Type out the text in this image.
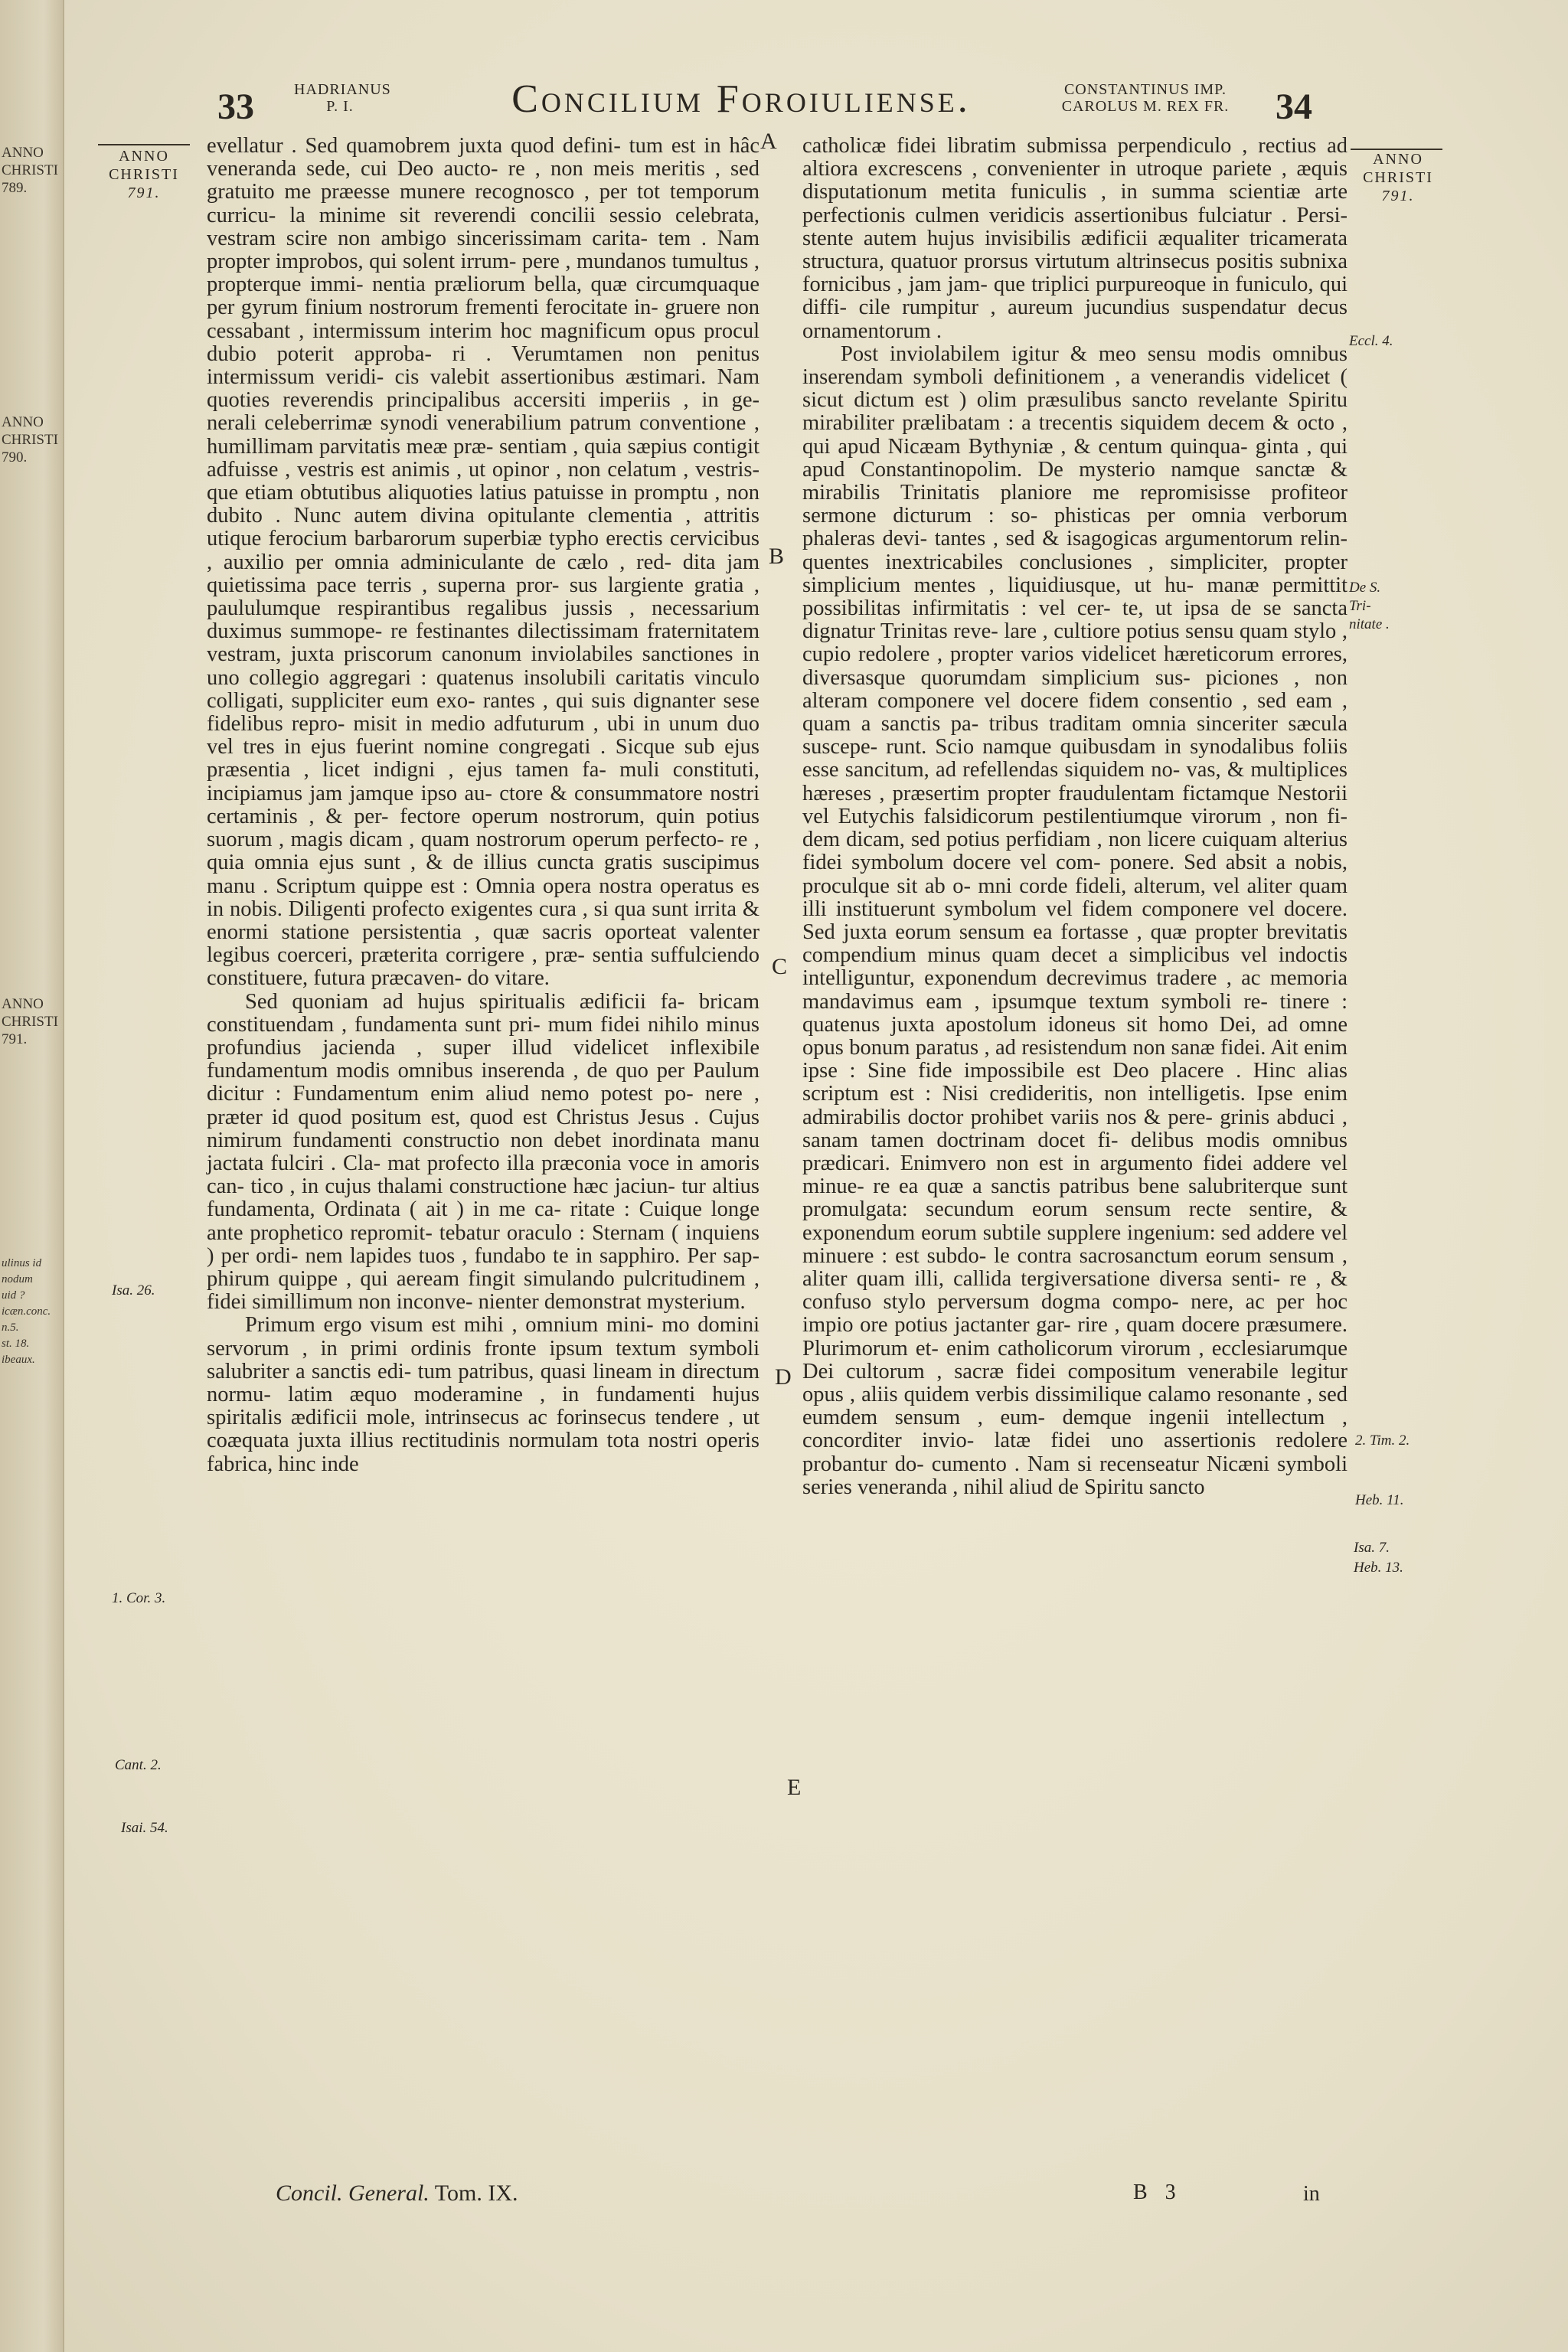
ANNO
CHRISTI
789.
ANNO
CHRISTI
790.
ANNO
CHRISTI
791.
ulinus id
nodum
uid ?
icæn.conc.
n.5.
st. 18.
ibeaux.
33	HADRIANUS
P. I.	Concilium Foroiuliense.	CONSTANTINUS IMP.
CAROLUS M. REX FR.	34
ANNO
CHRISTI
791.
ANNO
CHRISTI
791.

evellatur . Sed quamobrem juxta quod defini- tum est in hâc veneranda sede, cui Deo aucto- re , non meis meritis , sed gratuito me præesse munere recognosco , per tot temporum curricu- la minime sit reverendi concilii sessio celebrata, vestram scire non ambigo sincerissimam carita- tem . Nam propter improbos, qui solent irrum- pere , mundanos tumultus , propterque immi- nentia præliorum bella, quæ circumquaque per gyrum finium nostrorum frementi ferocitate in- gruere non cessabant , intermissum interim hoc magnificum opus procul dubio poterit approba- ri . Verumtamen non penitus intermissum veridi- cis valebit assertionibus æstimari. Nam quoties reverendis principalibus accersiti imperiis , in ge- nerali celeberrimæ synodi venerabilium patrum conventione , humillimam parvitatis meæ præ- sentiam , quia sæpius contigit adfuisse , vestris est animis , ut opinor , non celatum , vestris- que etiam obtutibus aliquoties latius patuisse in promptu , non dubito . Nunc autem divina opitulante clementia , attritis utique ferocium barbarorum superbiæ typho erectis cervicibus , auxilio per omnia adminiculante de cælo , red- dita jam quietissima pace terris , superna pror- sus largiente gratia , paululumque respirantibus regalibus jussis , necessarium duximus summope- re festinantes dilectissimam fraternitatem vestram, juxta priscorum canonum inviolabiles sanctiones in uno collegio aggregari : quatenus insolubili caritatis vinculo colligati, suppliciter eum exo- rantes , qui suis dignanter sese fidelibus repro- misit in medio adfuturum , ubi in unum duo vel tres in ejus fuerint nomine congregati . Sicque sub ejus præsentia , licet indigni , ejus tamen fa- muli constituti, incipiamus jam jamque ipso au- ctore & consummatore nostri certaminis , & per- fectore operum nostrorum, quin potius suorum , magis dicam , quam nostrorum operum perfecto- re , quia omnia ejus sunt , & de illius cuncta gratis suscipimus manu . Scriptum quippe est : Omnia opera nostra operatus es in nobis. Diligenti profecto exigentes cura , si qua sunt irrita & enormi statione persistentia , quæ sacris oporteat valenter legibus coerceri, præterita corrigere , præ- sentia suffulciendo constituere, futura præcaven- do vitare.

Sed quoniam ad hujus spiritualis ædificii fa- bricam constituendam , fundamenta sunt pri- mum fidei nihilo minus profundius jacienda , super illud videlicet inflexibile fundamentum modis omnibus inserenda , de quo per Paulum dicitur : Fundamentum enim aliud nemo potest po- nere , præter id quod positum est, quod est Christus Jesus . Cujus nimirum fundamenti constructio non debet inordinata manu jactata fulciri . Cla- mat profecto illa præconia voce in amoris can- tico , in cujus thalami constructione hæc jaciun- tur altius fundamenta, Ordinata ( ait ) in me ca- ritate : Cuique longe ante prophetico repromit- tebatur oraculo : Sternam ( inquiens ) per ordi- nem lapides tuos , fundabo te in sapphiro. Per sap- phirum quippe , qui aeream fingit simulando pulcritudinem , fidei simillimum non inconve- nienter demonstrat mysterium.

Primum ergo visum est mihi , omnium mini- mo domini servorum , in primi ordinis fronte ipsum textum symboli salubriter a sanctis edi- tum patribus, quasi lineam in directum normu- latim æquo moderamine , in fundamenti hujus spiritalis ædificii mole, intrinsecus ac forinsecus tendere , ut coæquata juxta illius rectitudinis normulam tota nostri operis fabrica, hinc inde

A
B
C
D
E

catholicæ fidei libratim submissa perpendiculo , rectius ad altiora excrescens , convenienter in utroque pariete , æquis disputationum metita funiculis , in summa scientiæ arte perfectionis culmen veridicis assertionibus fulciatur . Persi- stente autem hujus invisibilis ædificii æqualiter tricamerata structura, quatuor prorsus virtutum altrinsecus positis subnixa fornicibus , jam jam- que triplici purpureoque in funiculo, qui diffi- cile rumpitur , aureum jucundius suspendatur decus ornamentorum .

Post inviolabilem igitur & meo sensu modis omnibus inserendam symboli definitionem , a venerandis videlicet ( sicut dictum est ) olim præsulibus sancto revelante Spiritu mirabiliter prælibatam : a trecentis siquidem decem & octo , qui apud Nicæam Bythyniæ , & centum quinqua- ginta , qui apud Constantinopolim. De mysterio namque sanctæ & mirabilis Trinitatis planiore me repromisisse profiteor sermone dicturum : so- phisticas per omnia verborum phaleras devi- tantes , sed & isagogicas argumentorum relin- quentes inextricabiles conclusiones , simpliciter, propter simplicium mentes , liquidiusque, ut hu- manæ permittit possibilitas infirmitatis : vel cer- te, ut ipsa de se sancta dignatur Trinitas reve- lare , cultiore potius sensu quam stylo , cupio redolere , propter varios videlicet hæreticorum errores, diversasque quorumdam simplicium sus- piciones , non alteram componere vel docere fidem consentio , sed eam , quam a sanctis pa- tribus traditam omnia sinceriter sæcula suscepe- runt. Scio namque quibusdam in synodalibus foliis esse sancitum, ad refellendas siquidem no- vas, & multiplices hæreses , præsertim propter fraudulentam fictamque Nestorii vel Eutychis falsidicorum pestilentiumque virorum , non fi- dem dicam, sed potius perfidiam , non licere cuiquam alterius fidei symbolum docere vel com- ponere. Sed absit a nobis, proculque sit ab o- mni corde fideli, alterum, vel aliter quam illi instituerunt symbolum vel fidem componere vel docere. Sed juxta eorum sensum ea fortasse , quæ propter brevitatis compendium minus quam decet a simplicibus vel indoctis intelliguntur, exponendum decrevimus tradere , ac memoria mandavimus eam , ipsumque textum symboli re- tinere : quatenus juxta apostolum idoneus sit homo Dei, ad omne opus bonum paratus , ad resistendum non sanæ fidei. Ait enim ipse : Sine fide impossibile est Deo placere . Hinc alias scriptum est : Nisi credideritis, non intelligetis. Ipse enim admirabilis doctor prohibet variis nos & pere- grinis abduci , sanam tamen doctrinam docet fi- delibus modis omnibus prædicari. Enimvero non est in argumento fidei addere vel minue- re ea quæ a sanctis patribus bene salubriterque sunt promulgata: secundum eorum sensum recte sentire, & exponendum eorum subtile supplere ingenium: sed addere vel minuere : est subdo- le contra sacrosanctum eorum sensum , aliter quam illi, callida tergiversatione diversa senti- re , & confuso stylo perversum dogma compo- nere, ac per hoc impio ore potius jactanter gar- rire , quam docere præsumere. Plurimorum et- enim catholicorum virorum , ecclesiarumque Dei cultorum , sacræ fidei compositum venerabile legitur opus , aliis quidem verbis dissimilique calamo resonante , sed eumdem sensum , eum- demque ingenii intellectum , concorditer invio- latæ fidei uno assertionis redolere probantur do- cumento . Nam si recenseatur Nicæni symboli series veneranda , nihil aliud de Spiritu sancto

Isa. 26.
1. Cor. 3.
Cant. 2.
Isai. 54.
Eccl. 4.
De S. Tri- nitate .
2. Tim. 2.
Heb. 11.
Isa. 7.
Heb. 13.
Concil. General. Tom. IX.	B 3	in
